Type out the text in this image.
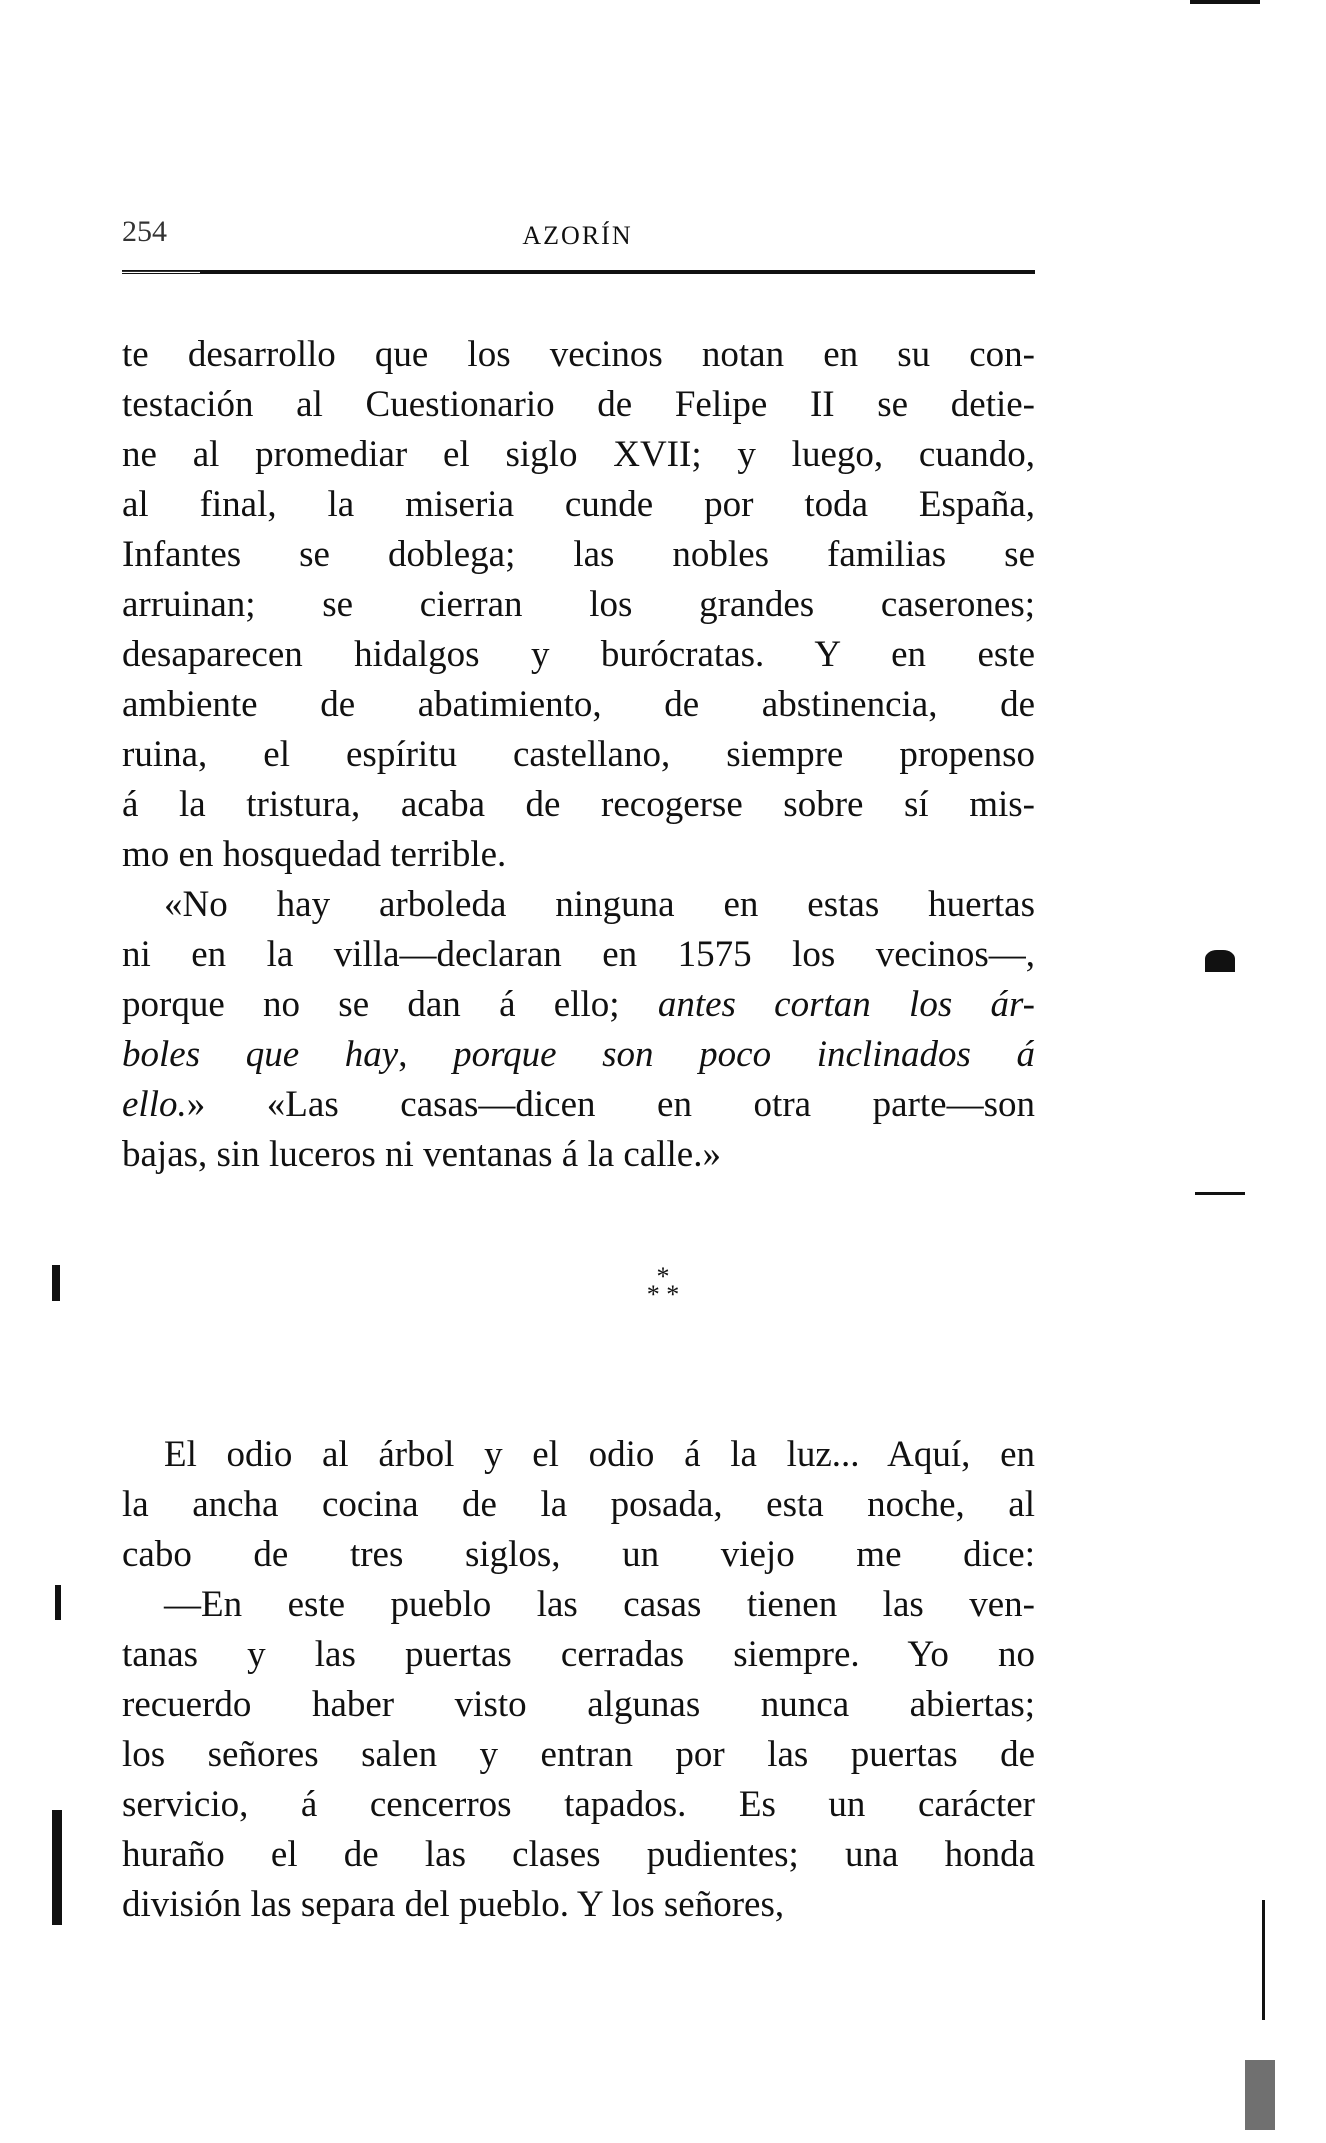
254	AZORÍN
te desarrollo que los vecinos notan en su con-
testación al Cuestionario de Felipe II se detie-
ne al promediar el siglo XVII; y luego, cuando,
al final, la miseria cunde por toda España,
Infantes se doblega; las nobles familias se
arruinan; se cierran los grandes caserones;
desaparecen hidalgos y burócratas. Y en este
ambiente de abatimiento, de abstinencia, de
ruina, el espíritu castellano, siempre propenso
á la tristura, acaba de recogerse sobre sí mis-
mo en hosquedad terrible.
«No hay arboleda ninguna en estas huertas
ni en la villa—declaran en 1575 los vecinos—,
porque no se dan á ello; antes cortan los ár-
boles que hay, porque son poco inclinados á
ello.» «Las casas—dicen en otra parte—son
bajas, sin luceros ni ventanas á la calle.»
*
* *
El odio al árbol y el odio á la luz... Aquí, en
la ancha cocina de la posada, esta noche, al
cabo de tres siglos, un viejo me dice:
—En este pueblo las casas tienen las ven-
tanas y las puertas cerradas siempre. Yo no
recuerdo haber visto algunas nunca abiertas;
los señores salen y entran por las puertas de
servicio, á cencerros tapados. Es un carácter
huraño el de las clases pudientes; una honda
división las separa del pueblo. Y los señores,
